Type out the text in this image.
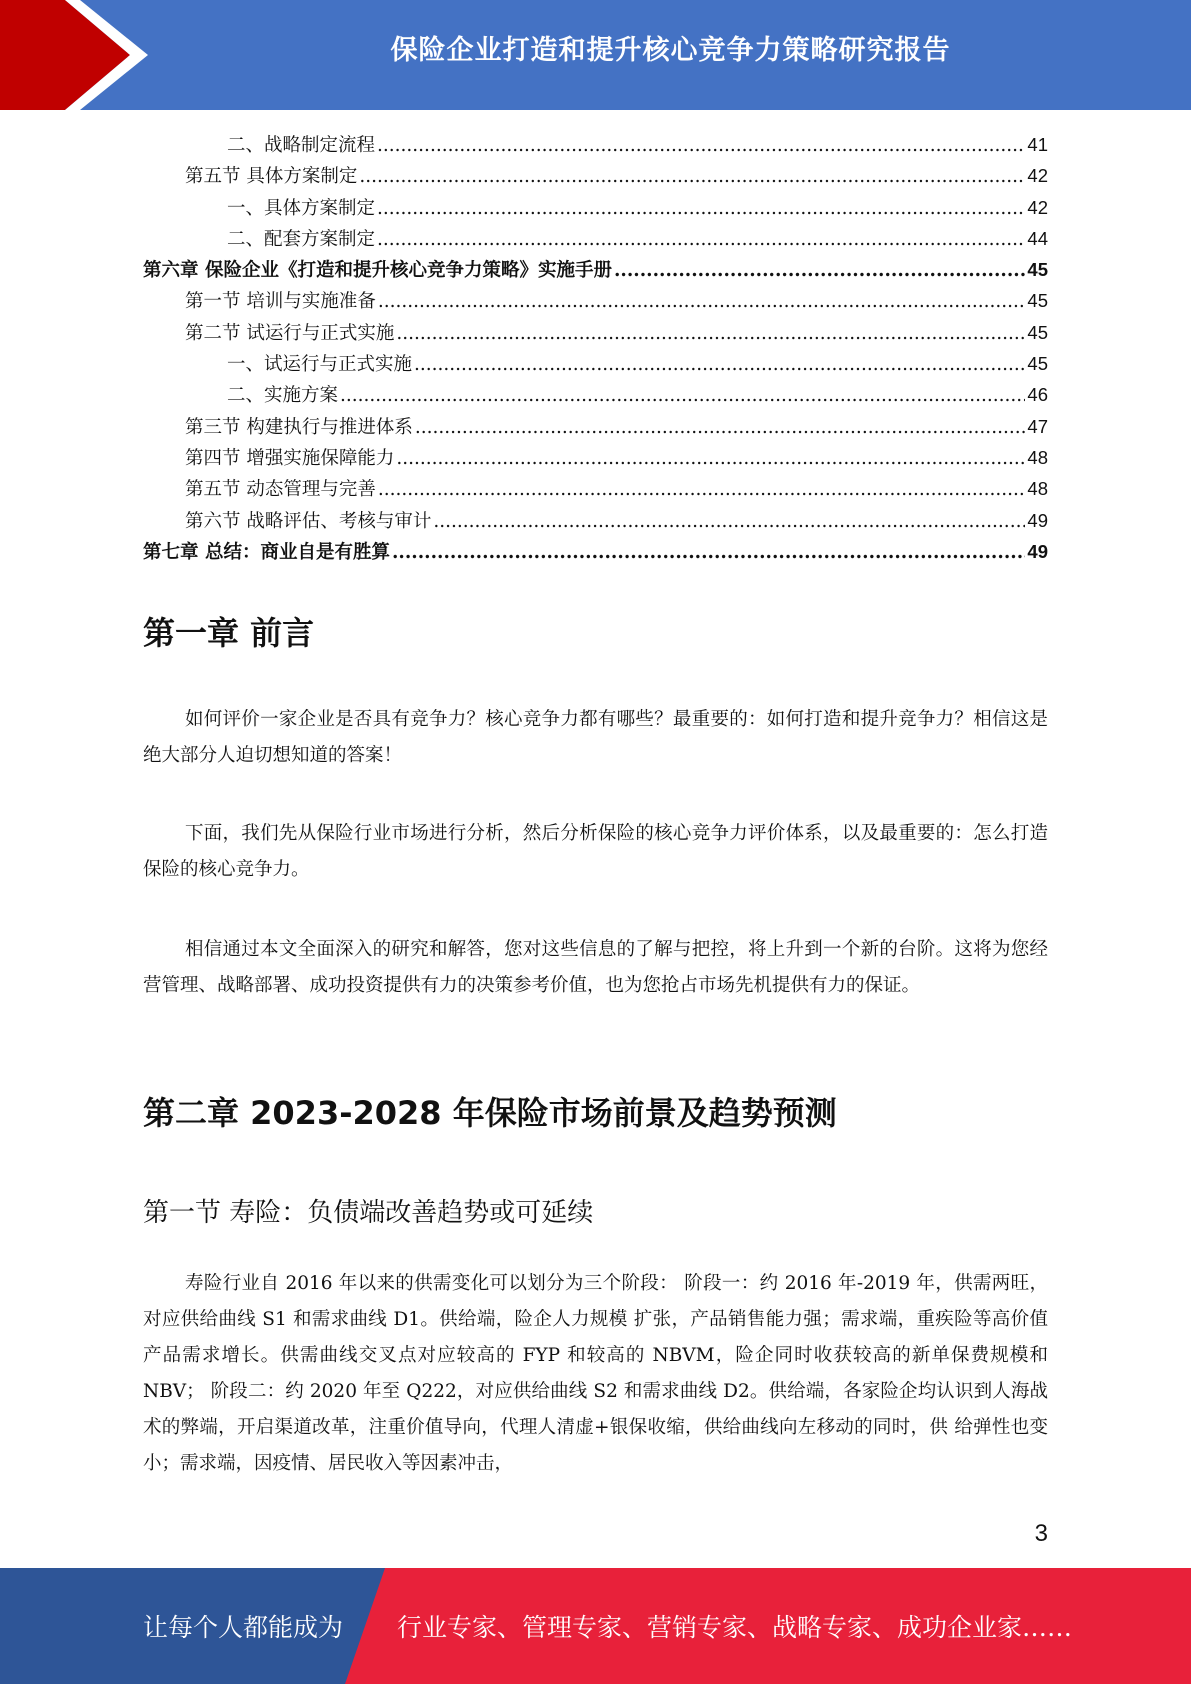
保险企业打造和提升核心竞争力策略研究报告
二、战略制定流程 .....	41
第五节 具体方案制定 .....	42
一、具体方案制定 .....	42
二、配套方案制定 .....	44
第六章 保险企业《打造和提升核心竞争力策略》实施手册 .....	45
第一节 培训与实施准备 .....	45
第二节 试运行与正式实施 .....	45
一、试运行与正式实施 .....	45
二、实施方案 .....	46
第三节 构建执行与推进体系 .....	47
第四节 增强实施保障能力 .....	48
第五节 动态管理与完善 .....	48
第六节 战略评估、考核与审计 .....	49
第七章 总结：商业自是有胜算 .....	49
第一章 前言

如何评价一家企业是否具有竞争力？核心竞争力都有哪些？最重要的：如何打造和提升竞争力？相信这是绝大部分人迫切想知道的答案！

下面，我们先从保险行业市场进行分析，然后分析保险的核心竞争力评价体系，以及最重要的：怎么打造保险的核心竞争力。

相信通过本文全面深入的研究和解答，您对这些信息的了解与把控，将上升到一个新的台阶。这将为您经营管理、战略部署、成功投资提供有力的决策参考价值，也为您抢占市场先机提供有力的保证。

第二章 2023-2028 年保险市场前景及趋势预测
第一节 寿险：负债端改善趋势或可延续

寿险行业自 2016 年以来的供需变化可以划分为三个阶段： 阶段一：约 2016 年-2019 年，供需两旺，对应供给曲线 S1 和需求曲线 D1。供给端，险企人力规模 扩张，产品销售能力强；需求端，重疾险等高价值产品需求增长。供需曲线交叉点对应较高的 FYP 和较高的 NBVM，险企同时收获较高的新单保费规模和 NBV； 阶段二：约 2020 年至 Q222，对应供给曲线 S2 和需求曲线 D2。供给端，各家险企均认识到人海战 术的弊端，开启渠道改革，注重价值导向，代理人清虚+银保收缩，供给曲线向左移动的同时，供 给弹性也变小；需求端，因疫情、居民收入等因素冲击，

3
让每个人都能成为 行业专家、管理专家、营销专家、战略专家、成功企业家……
